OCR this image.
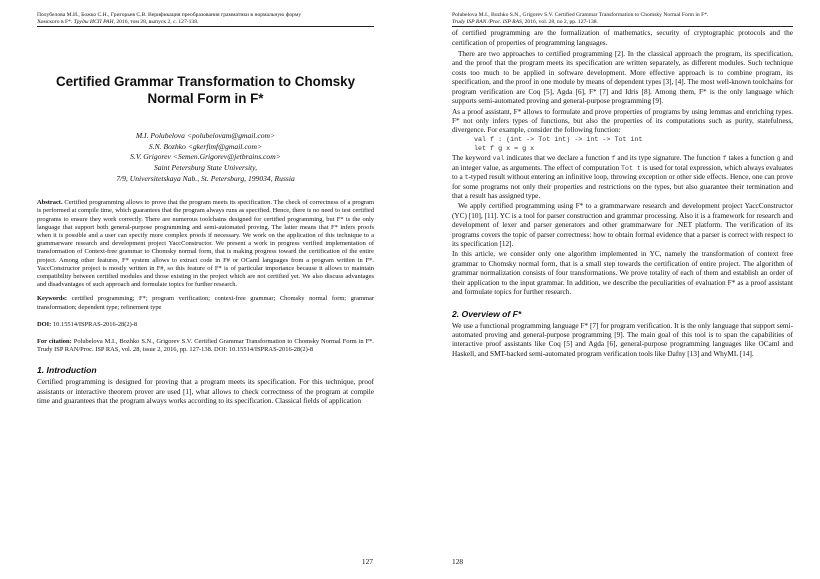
Полубелова М.И., Божко С.Н., Григорьев С.В. Верификация преобразования грамматики в нормальную форму
Хомского в F*. Труды ИСП РАН, 2016, том 28, выпуск 2, с. 127-138.
Certified Grammar Transformation to Chomsky Normal Form in F*
M.I. Polubelova <polubelovam@gmail.com>
S.N. Bozhko <gkerfimf@gmail.com>
S.V. Grigorev <Semen.Grigorev@jetbrains.com>
Saint Petersburg State University,
7/9, Universitetskaya Nab., St. Petersburg, 199034, Russia
Abstract. Certified programming allows to prove that the program meets its specification. The check of correctness of a program is performed at compile time, which guarantees that the program always runs as specified. Hence, there is no need to test certified programs to ensure they work correctly. There are numerous toolchains designed for certified programming, but F* is the only language that support both general-purpose programming and semi-automated proving. The latter means that F* infers proofs when it is possible and a user can specify more complex proofs if necessary. We work on the application of this technique to a grammarware research and development project YaccConstructor. We present a work in progress verified implementation of transformation of Context-free grammar to Chomsky normal form, that is making progress toward the certification of the entire project. Among other features, F* system allows to extract code in F# or OCaml languages from a program written in F*. YaccConstructor project is mostly written in F#, so this feature of F* is of particular importance because it allows to maintain compatibility between certified modules and those existing in the project which are not certified yet. We also discuss advantages and disadvantages of such approach and formulate topics for further research.
Keywords: certified programming; F*; program verification; context-free grammar; Chomsky normal form; grammar transformation; dependent type; refinement type
DOI: 10.15514/ISPRAS-2016-28(2)-8
For citation: Polubelova M.I., Bozhko S.N., Grigorev S.V. Certified Grammar Transformation to Chomsky Normal Form in F*. Trudy ISP RAN/Proc. ISP RAS, vol. 28, issue 2, 2016, pp. 127-138. DOI: 10.15514/ISPRAS-2016-28(2)-8
1. Introduction
Certified programming is designed for proving that a program meets its specification. For this technique, proof assistants or interactive theorem prover are used [1], what allows to check correctness of the program at compile time and guarantees that the program always works according to its specification. Classical fields of application
127
Polubelova M.I., Bozhko S.N., Grigorev S.V. Certified Grammar Transformation to Chomsky Normal Form in F*.
Trudy ISP RAN /Proc. ISP RAS, 2016, vol. 28, no 2, pp. 127-138.
of certified programming are the formalization of mathematics, security of cryptographic protocols and the certification of properties of programming languages.
There are two approaches to certified programming [2]. In the classical approach the program, its specification, and the proof that the program meets its specification are written separately, as different modules. Such technique costs too much to be applied in software development. More effective approach is to combine program, its specification, and the proof in one module by means of dependent types [3], [4]. The most well-known toolchains for program verification are Coq [5], Agda [6], F* [7] and Idris [8]. Among them, F* is the only language which supports semi-automated proving and general-purpose programming [9].
As a proof assistant, F* allows to formulate and prove properties of programs by using lemmas and enriching types. F* not only infers types of functions, but also the properties of its computations such as purity, statefulness, divergence. For example, consider the following function:
val f : (int -> Tot int) -> int -> Tot int
let f g x = g x
The keyword val indicates that we declare a function f and its type signature. The function f takes a function g and an integer value, as arguments. The effect of computation Tot t is used for total expression, which always evaluates to a t-typed result without entering an infinitive loop, throwing exception or other side effects. Hence, one can prove for some programs not only their properties and restrictions on the types, but also guarantee their termination and that a result has assigned type.
We apply certified programming using F* to a grammarware research and development project YaccConstructor (YC) [10], [11]. YC is a tool for parser construction and grammar processing. Also it is a framework for research and development of lexer and parser generators and other grammarware for .NET platform. The verification of its programs covers the topic of parser correctness: how to obtain formal evidence that a parser is correct with respect to its specification [12].
In this article, we consider only one algorithm implemented in YC, namely the transformation of context free grammar to Chomsky normal form, that is a small step towards the certification of entire project. The algorithm of grammar normalization consists of four transformations. We prove totality of each of them and establish an order of their application to the input grammar. In addition, we describe the peculiarities of evaluation F* as a proof assistant and formulate topics for further research.
2. Overview of F*
We use a functional programming language F* [7] for program verification. It is the only language that support semi-automated proving and general-purpose programming [9]. The main goal of this tool is to span the capabilities of interactive proof assistants like Coq [5] and Agda [6], general-purpose programming languages like OCaml and Haskell, and SMT-backed semi-automated program verification tools like Dafny [13] and WhyML [14].
128
